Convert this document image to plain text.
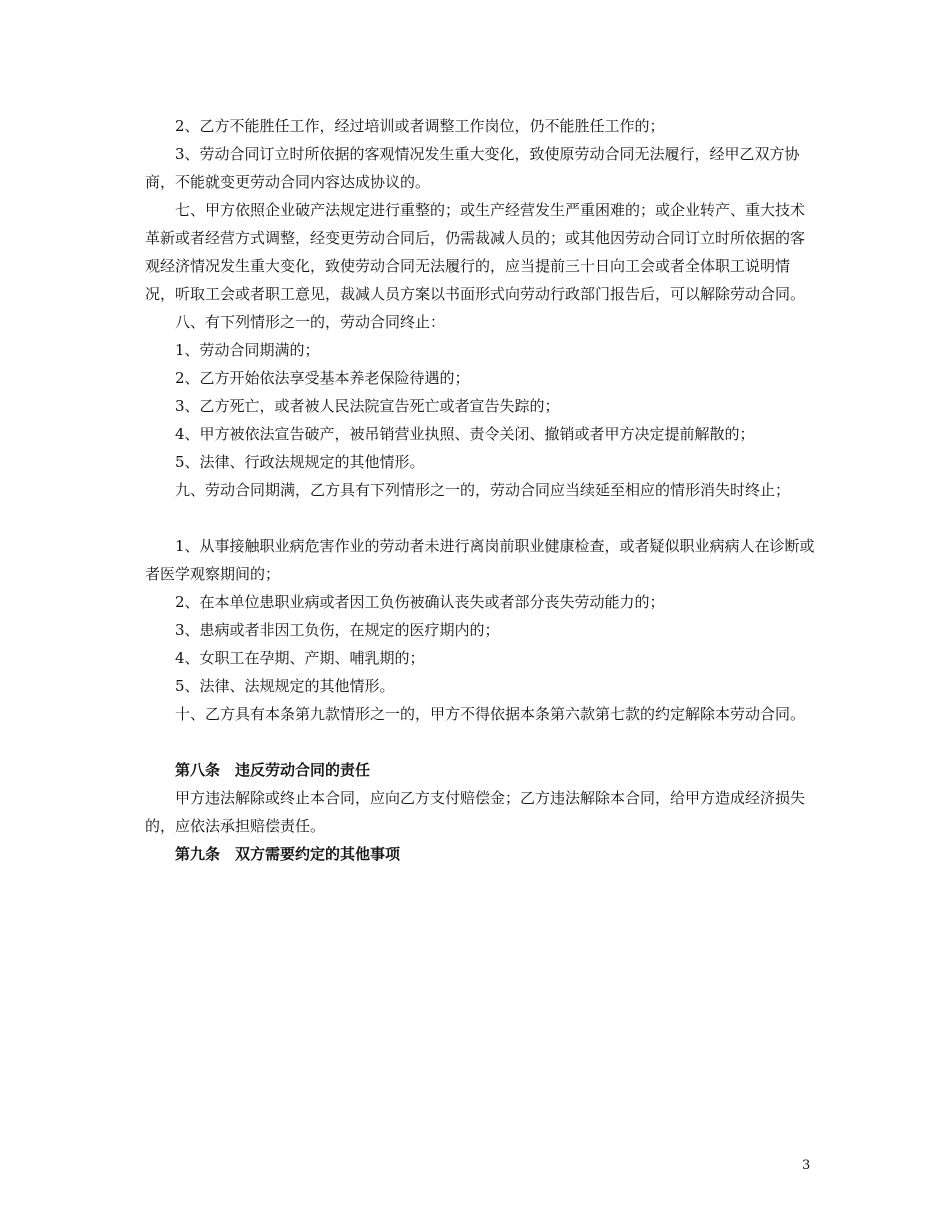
2、乙方不能胜任工作，经过培训或者调整工作岗位，仍不能胜任工作的；

3、劳动合同订立时所依据的客观情况发生重大变化，致使原劳动合同无法履行，经甲乙双方协商，不能就变更劳动合同内容达成协议的。

七、甲方依照企业破产法规定进行重整的；或生产经营发生严重困难的；或企业转产、重大技术革新或者经营方式调整，经变更劳动合同后，仍需裁减人员的；或其他因劳动合同订立时所依据的客观经济情况发生重大变化，致使劳动合同无法履行的，应当提前三十日向工会或者全体职工说明情况，听取工会或者职工意见，裁减人员方案以书面形式向劳动行政部门报告后，可以解除劳动合同。

八、有下列情形之一的，劳动合同终止：

1、劳动合同期满的；

2、乙方开始依法享受基本养老保险待遇的；

3、乙方死亡，或者被人民法院宣告死亡或者宣告失踪的；

4、甲方被依法宣告破产，被吊销营业执照、责令关闭、撤销或者甲方决定提前解散的；

5、法律、行政法规规定的其他情形。

九、劳动合同期满，乙方具有下列情形之一的，劳动合同应当续延至相应的情形消失时终止；

1、从事接触职业病危害作业的劳动者未进行离岗前职业健康检查，或者疑似职业病病人在诊断或者医学观察期间的；

2、在本单位患职业病或者因工负伤被确认丧失或者部分丧失劳动能力的；

3、患病或者非因工负伤，在规定的医疗期内的；

4、女职工在孕期、产期、哺乳期的；

5、法律、法规规定的其他情形。

十、乙方具有本条第九款情形之一的，甲方不得依据本条第六款第七款的约定解除本劳动合同。

第八条　违反劳动合同的责任

甲方违法解除或终止本合同，应向乙方支付赔偿金；乙方违法解除本合同，给甲方造成经济损失的，应依法承担赔偿责任。

第九条　双方需要约定的其他事项

3
